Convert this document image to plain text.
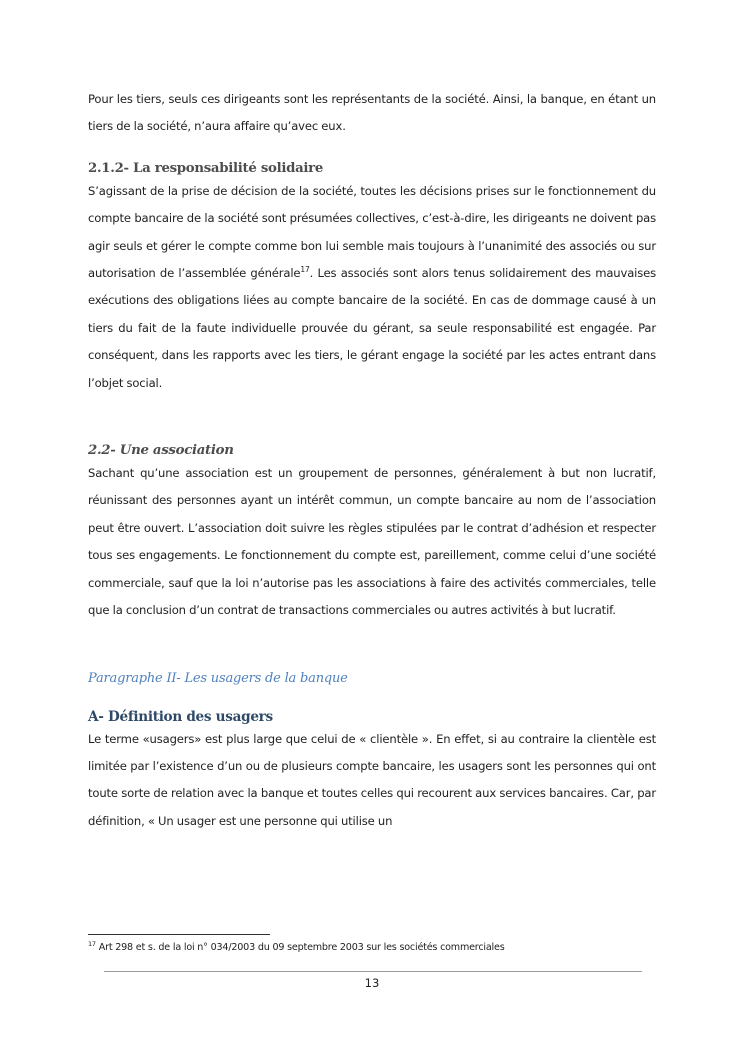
Pour les tiers, seuls ces dirigeants sont les représentants de la société. Ainsi, la banque, en étant un tiers de la société, n’aura affaire qu’avec eux.

2.1.2- La responsabilité solidaire

S’agissant de la prise de décision de la société, toutes les décisions prises sur le fonctionnement du compte bancaire de la société sont présumées collectives, c’est-à-dire, les dirigeants ne doivent pas agir seuls et gérer le compte comme bon lui semble mais toujours à l’unanimité des associés ou sur autorisation de l’assemblée générale$^{17}$. Les associés sont alors tenus solidairement des mauvaises exécutions des obligations liées au compte bancaire de la société. En cas de dommage causé à un tiers du fait de la faute individuelle prouvée du gérant, sa seule responsabilité est engagée. Par conséquent, dans les rapports avec les tiers, le gérant engage la société par les actes entrant dans l’objet social.

2.2- Une association

Sachant qu’une association est un groupement de personnes, généralement à but non lucratif, réunissant des personnes ayant un intérêt commun, un compte bancaire au nom de l’association peut être ouvert. L’association doit suivre les règles stipulées par le contrat d’adhésion et respecter tous ses engagements. Le fonctionnement du compte est, pareillement, comme celui d’une société commerciale, sauf que la loi n’autorise pas les associations à faire des activités commerciales, telle que la conclusion d’un contrat de transactions commerciales ou autres activités à but lucratif.

Paragraphe II- Les usagers de la banque
A- Définition des usagers

Le terme «usagers» est plus large que celui de « clientèle ». En effet, si au contraire la clientèle est limitée par l’existence d’un ou de plusieurs compte bancaire, les usagers sont les personnes qui ont toute sorte de relation avec la banque et toutes celles qui recourent aux services bancaires. Car, par définition, « Un usager est une personne qui utilise un

$^{17}$ Art 298 et s. de la loi n° 034/2003 du 09 septembre 2003 sur les sociétés commerciales
13
